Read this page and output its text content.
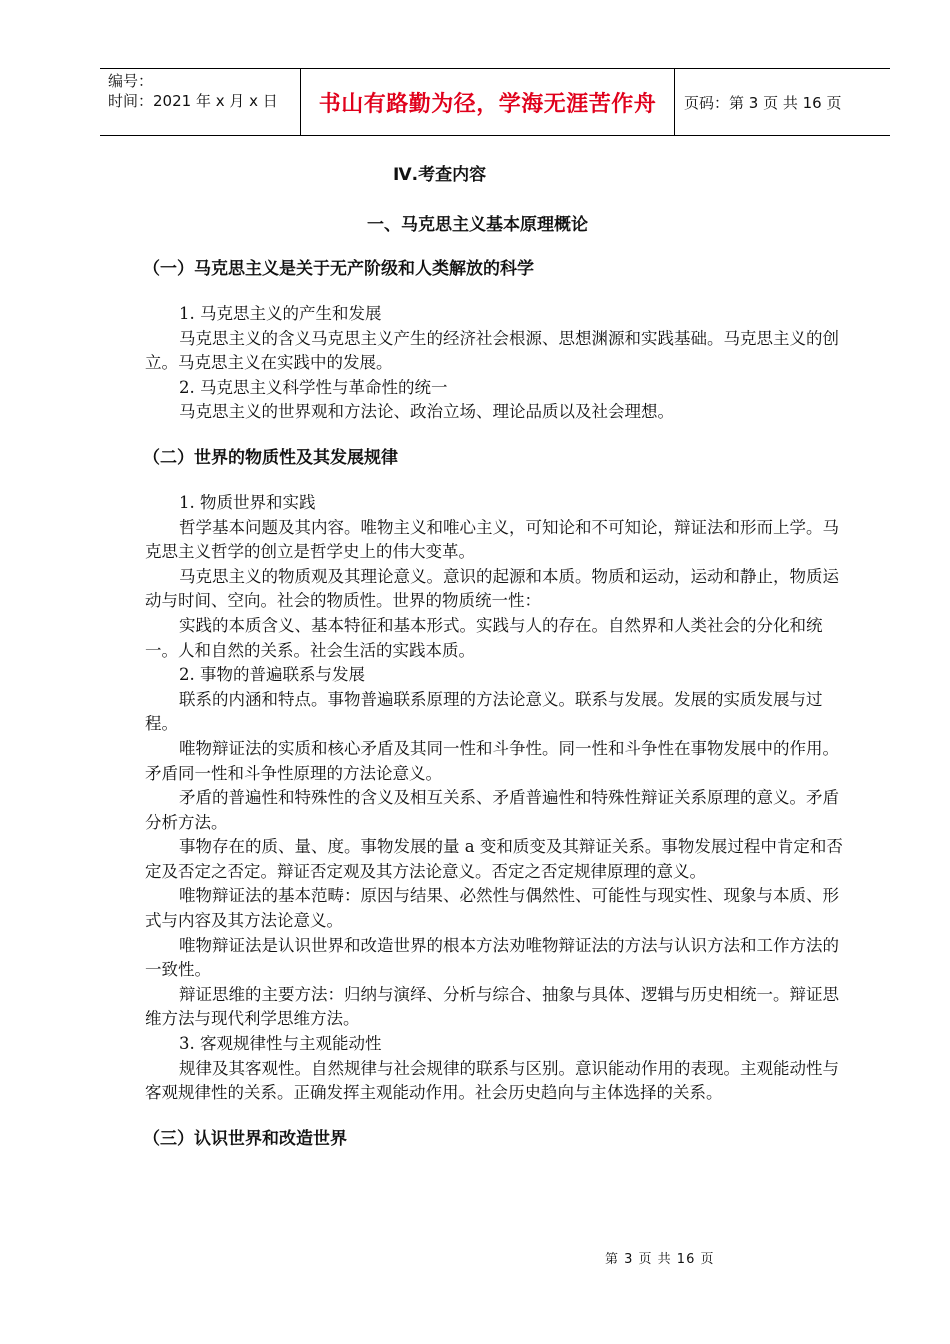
编号：
时间：2021 年 x 月 x 日	书山有路勤为径，学海无涯苦作舟 页码：第 3 页 共 16 页
Ⅳ.考查内容
一、马克思主义基本原理概论
（一）马克思主义是关于无产阶级和人类解放的科学

1. 马克思主义的产生和发展

马克思主义的含义马克思主义产生的经济社会根源、思想渊源和实践基础。马克思主义的创立。马克思主义在实践中的发展。

2. 马克思主义科学性与革命性的统一

马克思主义的世界观和方法论、政治立场、理论品质以及社会理想。

（二）世界的物质性及其发展规律

1. 物质世界和实践

哲学基本问题及其内容。唯物主义和唯心主义，可知论和不可知论，辩证法和形而上学。马克思主义哲学的创立是哲学史上的伟大变革。

马克思主义的物质观及其理论意义。意识的起源和本质。物质和运动，运动和静止，物质运动与时间、空向。社会的物质性。世界的物质统一性：

实践的本质含义、基本特征和基本形式。实践与人的存在。自然界和人类社会的分化和统一。人和自然的关系。社会生活的实践本质。

2. 事物的普遍联系与发展

联系的内涵和特点。事物普遍联系原理的方法论意义。联系与发展。发展的实质发展与过程。

唯物辩证法的实质和核心矛盾及其同一性和斗争性。同一性和斗争性在事物发展中的作用。矛盾同一性和斗争性原理的方法论意义。

矛盾的普遍性和特殊性的含义及相互关系、矛盾普遍性和特殊性辩证关系原理的意义。矛盾分析方法。

事物存在的质、量、度。事物发展的量 a 变和质变及其辩证关系。事物发展过程中肯定和否定及否定之否定。辩证否定观及其方法论意义。否定之否定规律原理的意义。

唯物辩证法的基本范畴：原因与结果、必然性与偶然性、可能性与现实性、现象与本质、形式与内容及其方法论意义。

唯物辩证法是认识世界和改造世界的根本方法劝唯物辩证法的方法与认识方法和工作方法的一致性。

辩证思维的主要方法：归纳与演绎、分析与综合、抽象与具体、逻辑与历史相统一。辩证思维方法与现代利学思维方法。

3. 客观规律性与主观能动性

规律及其客观性。自然规律与社会规律的联系与区别。意识能动作用的表现。主观能动性与客观规律性的关系。正确发挥主观能动作用。社会历史趋向与主体选择的关系。

（三）认识世界和改造世界
第 3 页 共 16 页
